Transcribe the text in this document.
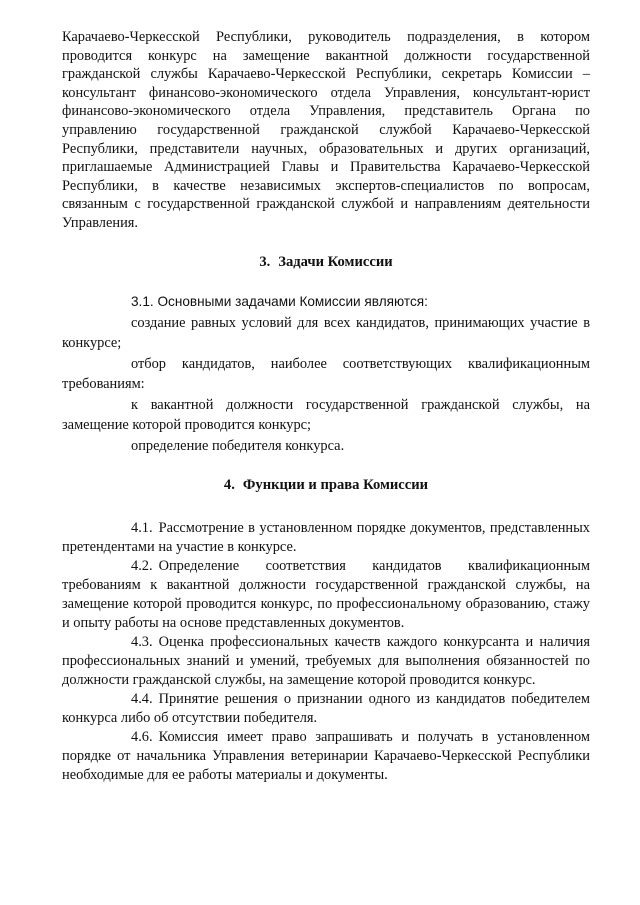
Карачаево-Черкесской Республики, руководитель подразделения, в котором проводится конкурс на замещение вакантной должности государственной гражданской службы Карачаево-Черкесской Республики, секретарь Комиссии – консультант финансово-экономического отдела Управления, консультант-юрист финансово-экономического отдела Управления, представитель Органа по управлению государственной гражданской службой Карачаево-Черкесской Республики, представители научных, образовательных и других организаций, приглашаемые Администрацией Главы и Правительства Карачаево-Черкесской Республики, в качестве независимых экспертов-специалистов по вопросам, связанным с государственной гражданской службой и направлениям деятельности Управления.

3. Задачи Комиссии

3.1. Основными задачами Комиссии являются:

создание равных условий для всех кандидатов, принимающих участие в конкурсе;

отбор кандидатов, наиболее соответствующих квалификационным требованиям:

к вакантной должности государственной гражданской службы, на замещение которой проводится конкурс;

определение победителя конкурса.

4. Функции и права Комиссии

4.1. Рассмотрение в установленном порядке документов, представленных претендентами на участие в конкурсе.

4.2. Определение соответствия кандидатов квалификационным требованиям к вакантной должности государственной гражданской службы, на замещение которой проводится конкурс, по профессиональному образованию, стажу и опыту работы на основе представленных документов.

4.3. Оценка профессиональных качеств каждого конкурсанта и наличия профессиональных знаний и умений, требуемых для выполнения обязанностей по должности гражданской службы, на замещение которой проводится конкурс.

4.4. Принятие решения о признании одного из кандидатов победителем конкурса либо об отсутствии победителя.

4.6. Комиссия имеет право запрашивать и получать в установленном порядке от начальника Управления ветеринарии Карачаево-Черкесской Республики необходимые для ее работы материалы и документы.
